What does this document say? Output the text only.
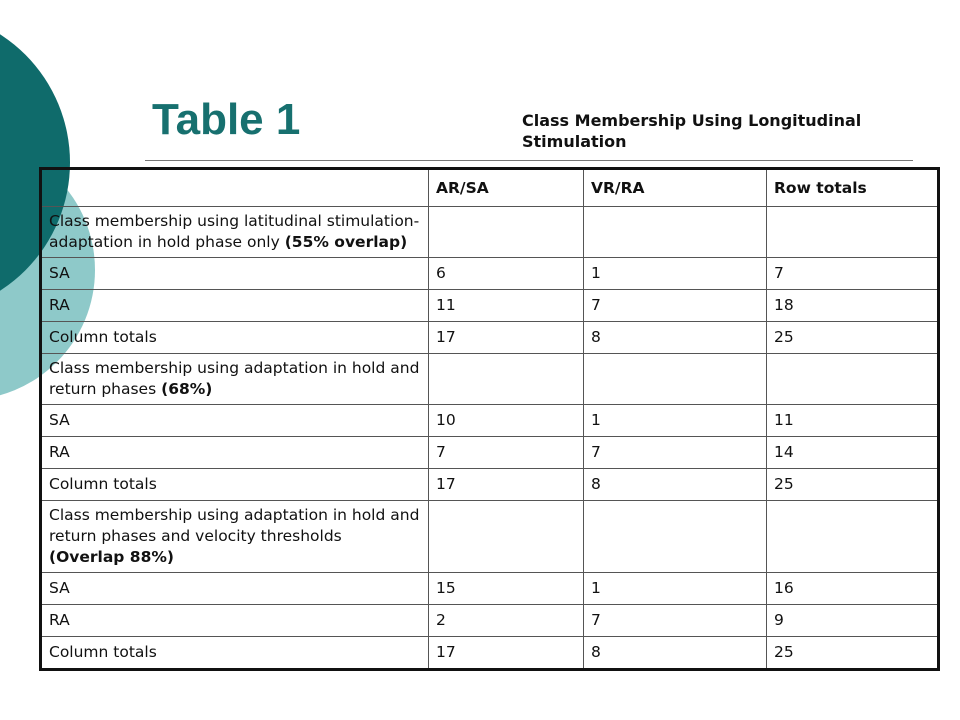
Table 1	Class Membership Using Longitudinal Stimulation

	AR/SA	VR/RA	Row totals
Class membership using latitudinal stimulation-adaptation in hold phase only (55% overlap)			
SA	6	1	7
RA	11	7	18
Column totals	17	8	25
Class membership using adaptation in hold and return phases (68%)			
SA	10	1	11
RA	7	7	14
Column totals	17	8	25
Class membership using adaptation in hold and return phases and velocity thresholds (Overlap 88%)			
SA	15	1	16
RA	2	7	9
Column totals	17	8	25
